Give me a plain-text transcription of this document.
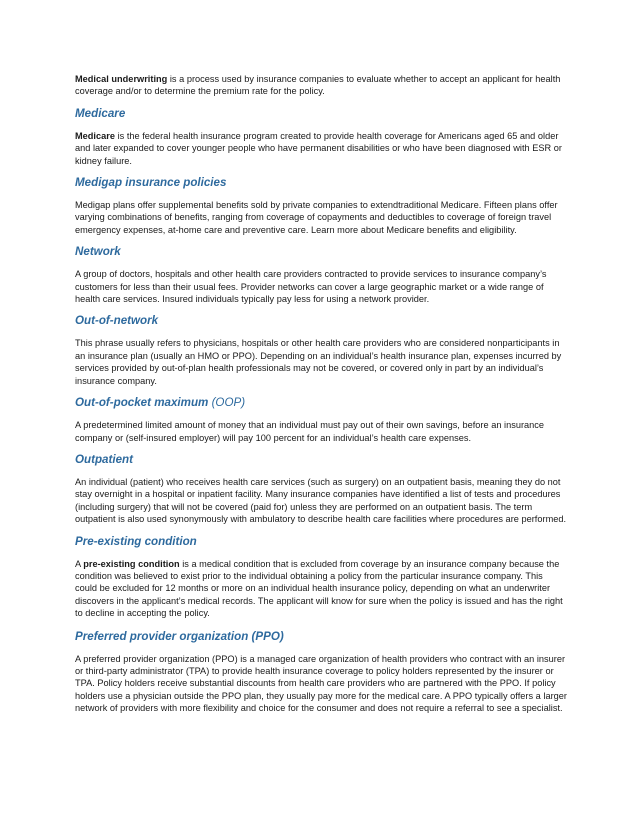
Medical underwriting is a process used by insurance companies to evaluate whether to accept an applicant for health coverage and/or to determine the premium rate for the policy.

Medicare

Medicare is the federal health insurance program created to provide health coverage for Americans aged 65 and older and later expanded to cover younger people who have permanent disabilities or who have been diagnosed with ESR or kidney failure.

Medigap insurance policies

Medigap plans offer supplemental benefits sold by private companies to extendtraditional Medicare. Fifteen plans offer varying combinations of benefits, ranging from coverage of copayments and deductibles to coverage of foreign travel emergency expenses, at-home care and preventive care. Learn more about Medicare benefits and eligibility.

Network

A group of doctors, hospitals and other health care providers contracted to provide services to insurance company’s customers for less than their usual fees. Provider networks can cover a large geographic market or a wide range of health care services. Insured individuals typically pay less for using a network provider.

Out-of-network

This phrase usually refers to physicians, hospitals or other health care providers who are considered nonparticipants in an insurance plan (usually an HMO or PPO). Depending on an individual’s health insurance plan, expenses incurred by services provided by out-of-plan health professionals may not be covered, or covered only in part by an individual’s insurance company.

Out-of-pocket maximum (OOP)

A predetermined limited amount of money that an individual must pay out of their own savings, before an insurance company or (self-insured employer) will pay 100 percent for an individual’s health care expenses.

Outpatient

An individual (patient) who receives health care services (such as surgery) on an outpatient basis, meaning they do not stay overnight in a hospital or inpatient facility. Many insurance companies have identified a list of tests and procedures (including surgery) that will not be covered (paid for) unless they are performed on an outpatient basis. The term outpatient is also used synonymously with ambulatory to describe health care facilities where procedures are performed.

Pre-existing condition

A pre-existing condition is a medical condition that is excluded from coverage by an insurance company because the condition was believed to exist prior to the individual obtaining a policy from the particular insurance company. This could be excluded for 12 months or more on an individual health insurance policy, depending on what an underwriter discovers in the applicant’s medical records. The applicant will know for sure when the policy is issued and has the right to decline in accepting the policy.

Preferred provider organization (PPO)

A preferred provider organization (PPO) is a managed care organization of health providers who contract with an insurer or third-party administrator (TPA) to provide health insurance coverage to policy holders represented by the insurer or TPA. Policy holders receive substantial discounts from health care providers who are partnered with the PPO. If policy holders use a physician outside the PPO plan, they usually pay more for the medical care. A PPO typically offers a larger network of providers with more flexibility and choice for the consumer and does not require a referral to see a specialist.
